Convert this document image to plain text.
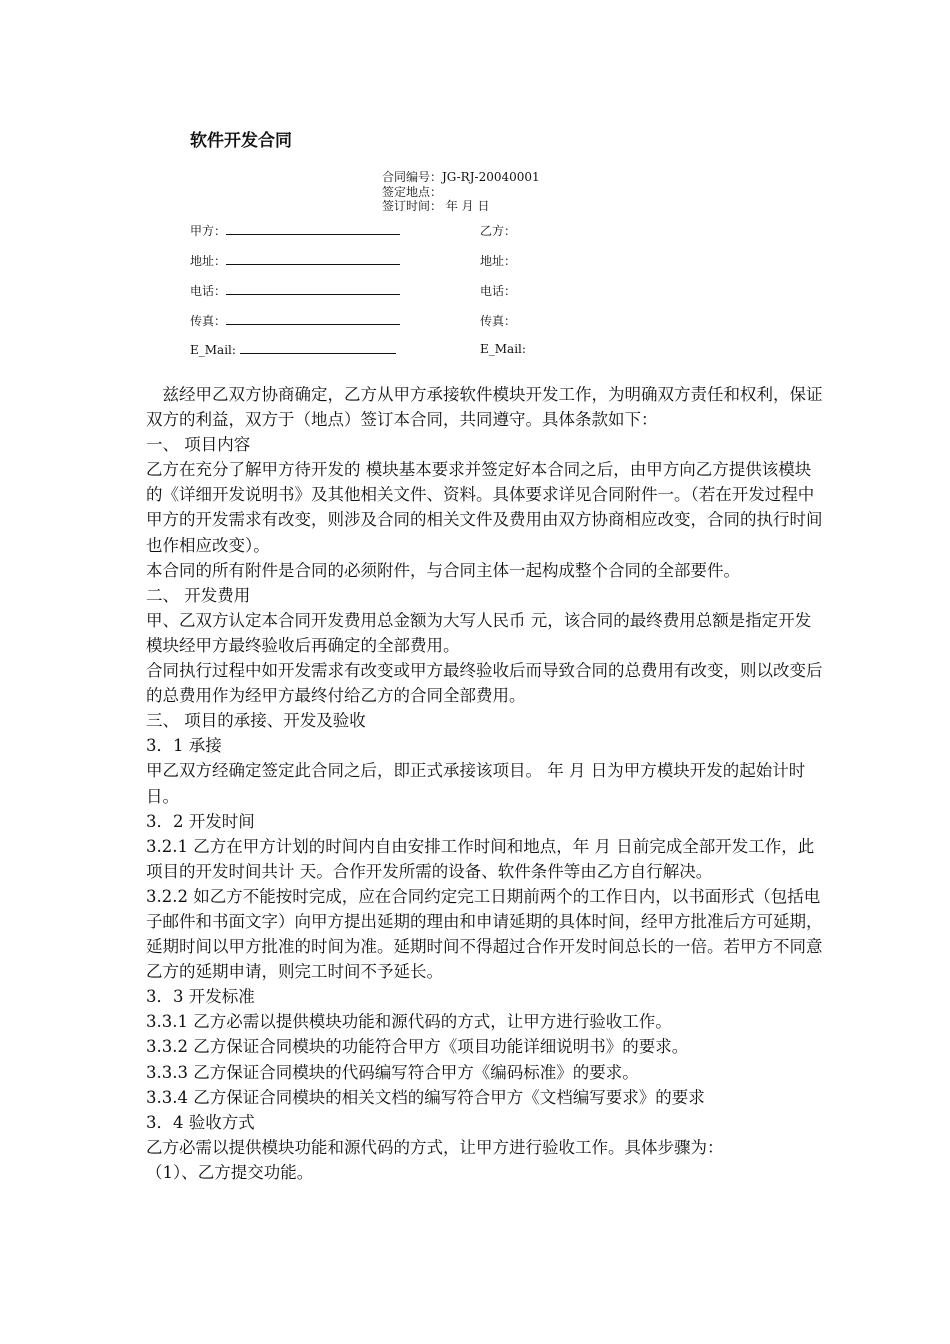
软件开发合同
合同编号：JG-RJ-20040001
签定地点：
签订时间： 年 月 日
甲方：
地址：
电话：
传真：
E_Mail:
乙方：
地址：
电话：
传真：
E_Mail:

兹经甲乙双方协商确定，乙方从甲方承接软件模块开发工作，为明确双方责任和权利，保证双方的利益，双方于（地点）签订本合同，共同遵守。具体条款如下：

一、 项目内容

乙方在充分了解甲方待开发的 模块基本要求并签定好本合同之后，由甲方向乙方提供该模块的《详细开发说明书》及其他相关文件、资料。具体要求详见合同附件一。（若在开发过程中甲方的开发需求有改变，则涉及合同的相关文件及费用由双方协商相应改变，合同的执行时间也作相应改变）。

本合同的所有附件是合同的必须附件，与合同主体一起构成整个合同的全部要件。

二、 开发费用

甲、乙双方认定本合同开发费用总金额为大写人民币 元，该合同的最终费用总额是指定开发模块经甲方最终验收后再确定的全部费用。

合同执行过程中如开发需求有改变或甲方最终验收后而导致合同的总费用有改变，则以改变后的总费用作为经甲方最终付给乙方的合同全部费用。

三、 项目的承接、开发及验收

3．1 承接

甲乙双方经确定签定此合同之后，即正式承接该项目。 年 月 日为甲方模块开发的起始计时日。

3．2 开发时间

3.2.1 乙方在甲方计划的时间内自由安排工作时间和地点，年 月 日前完成全部开发工作，此项目的开发时间共计 天。合作开发所需的设备、软件条件等由乙方自行解决。

3.2.2 如乙方不能按时完成，应在合同约定完工日期前两个的工作日内，以书面形式（包括电子邮件和书面文字）向甲方提出延期的理由和申请延期的具体时间，经甲方批准后方可延期，延期时间以甲方批准的时间为准。延期时间不得超过合作开发时间总长的一倍。若甲方不同意乙方的延期申请，则完工时间不予延长。

3．3 开发标准

3.3.1 乙方必需以提供模块功能和源代码的方式，让甲方进行验收工作。

3.3.2 乙方保证合同模块的功能符合甲方《项目功能详细说明书》的要求。

3.3.3 乙方保证合同模块的代码编写符合甲方《编码标准》的要求。

3.3.4 乙方保证合同模块的相关文档的编写符合甲方《文档编写要求》的要求

3．4 验收方式

乙方必需以提供模块功能和源代码的方式，让甲方进行验收工作。具体步骤为：

（1）、乙方提交功能。
